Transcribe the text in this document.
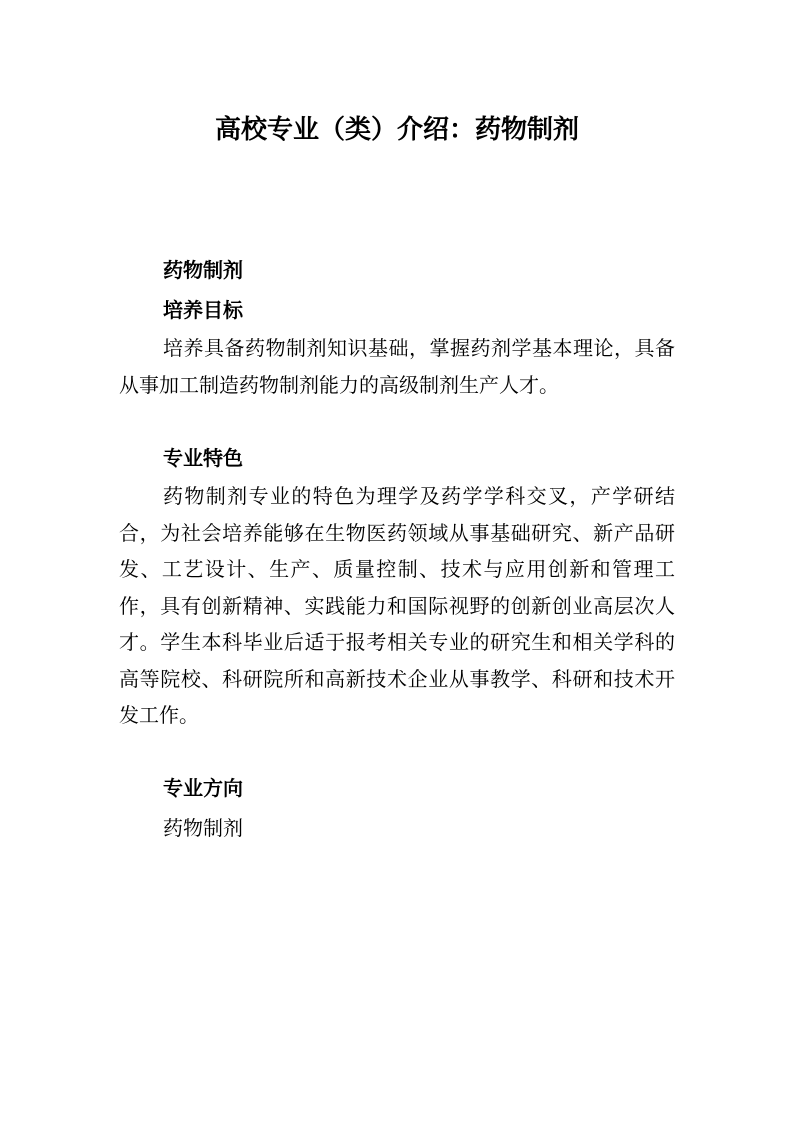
高校专业（类）介绍：药物制剂

药物制剂

培养目标

培养具备药物制剂知识基础，掌握药剂学基本理论，具备从事加工制造药物制剂能力的高级制剂生产人才。

专业特色

药物制剂专业的特色为理学及药学学科交叉，产学研结合，为社会培养能够在生物医药领域从事基础研究、新产品研发、工艺设计、生产、质量控制、技术与应用创新和管理工作，具有创新精神、实践能力和国际视野的创新创业高层次人才。学生本科毕业后适于报考相关专业的研究生和相关学科的高等院校、科研院所和高新技术企业从事教学、科研和技术开发工作。

专业方向

药物制剂
